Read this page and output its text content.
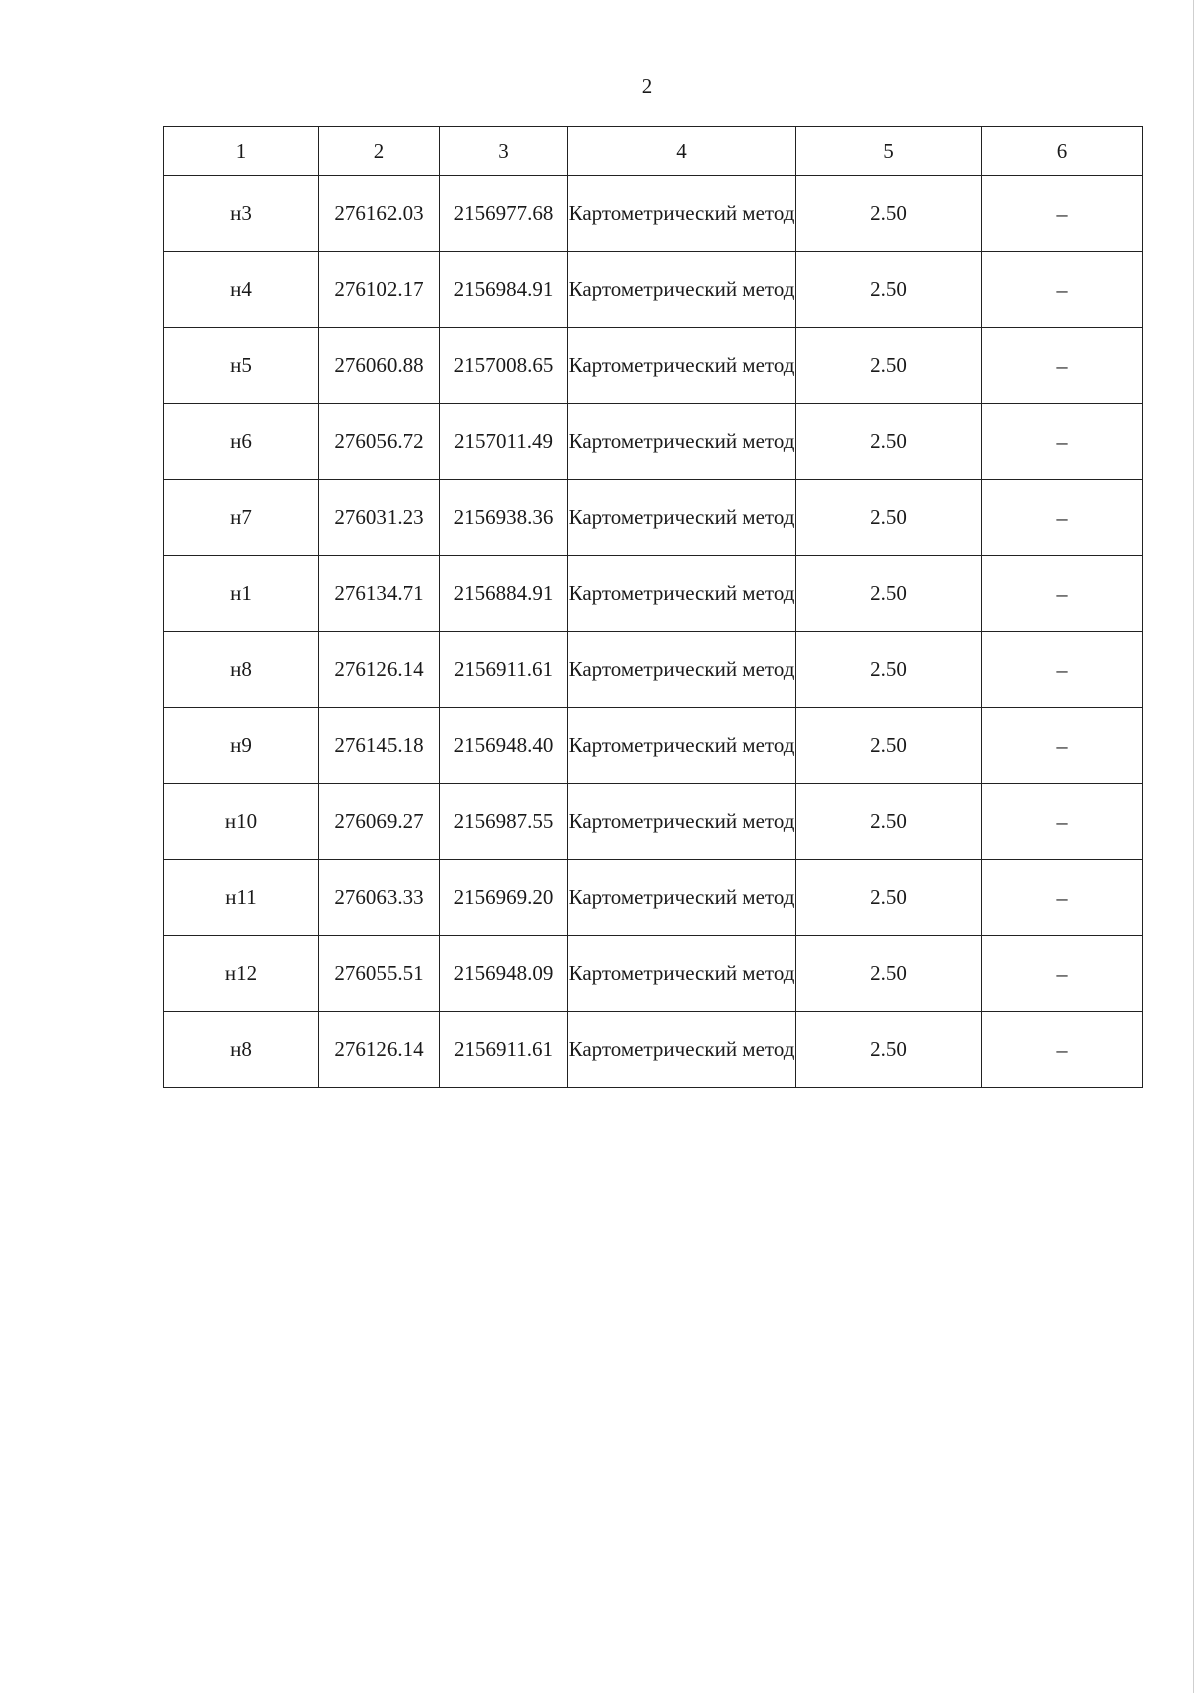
2
1	2	3	4	5	6
н3	276162.03	2156977.68	Картометрический метод	2.50	–
н4	276102.17	2156984.91	Картометрический метод	2.50	–
н5	276060.88	2157008.65	Картометрический метод	2.50	–
н6	276056.72	2157011.49	Картометрический метод	2.50	–
н7	276031.23	2156938.36	Картометрический метод	2.50	–
н1	276134.71	2156884.91	Картометрический метод	2.50	–
н8	276126.14	2156911.61	Картометрический метод	2.50	–
н9	276145.18	2156948.40	Картометрический метод	2.50	–
н10	276069.27	2156987.55	Картометрический метод	2.50	–
н11	276063.33	2156969.20	Картометрический метод	2.50	–
н12	276055.51	2156948.09	Картометрический метод	2.50	–
н8	276126.14	2156911.61	Картометрический метод	2.50	–
